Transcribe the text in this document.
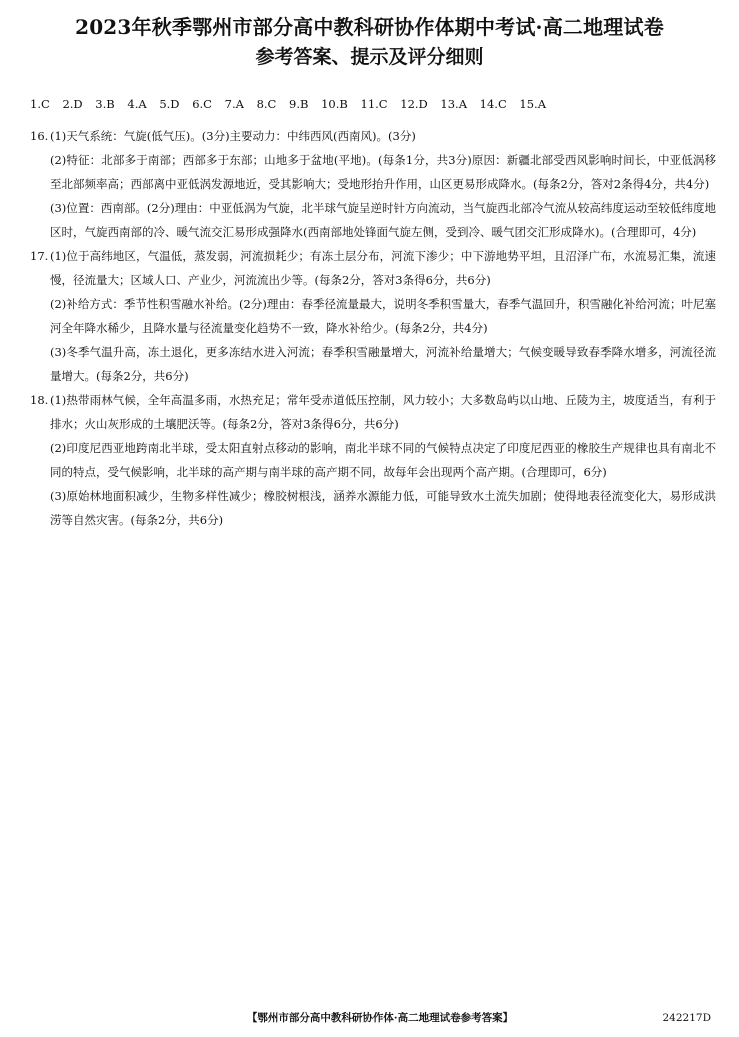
2023年秋季鄂州市部分高中教科研协作体期中考试·高二地理试卷
参考答案、提示及评分细则
1.C 2.D 3.B 4.A 5.D 6.C 7.A 8.C 9.B 10.B 11.C 12.D 13.A 14.C 15.A
16. (1)天气系统：气旋(低气压)。(3分)主要动力：中纬西风(西南风)。(3分)

(2)特征：北部多于南部；西部多于东部；山地多于盆地(平地)。(每条1分，共3分)原因：新疆北部受西风影响时间长，中亚低涡移至北部频率高；西部离中亚低涡发源地近，受其影响大；受地形抬升作用，山区更易形成降水。(每条2分，答对2条得4分，共4分)

(3)位置：西南部。(2分)理由：中亚低涡为气旋，北半球气旋呈逆时针方向流动，当气旋西北部冷气流从较高纬度运动至较低纬度地区时，气旋西南部的冷、暖气流交汇易形成强降水(西南部地处锋面气旋左侧，受到冷、暖气团交汇形成降水)。(合理即可，4分)

17. (1)位于高纬地区，气温低，蒸发弱，河流损耗少；有冻土层分布，河流下渗少；中下游地势平坦，且沼泽广布，水流易汇集，流速慢，径流量大；区域人口、产业少，河流流出少等。(每条2分，答对3条得6分，共6分)

(2)补给方式：季节性积雪融水补给。(2分)理由：春季径流量最大，说明冬季积雪量大，春季气温回升，积雪融化补给河流；叶尼塞河全年降水稀少，且降水量与径流量变化趋势不一致，降水补给少。(每条2分，共4分)

(3)冬季气温升高，冻土退化，更多冻结水进入河流；春季积雪融量增大，河流补给量增大；气候变暖导致春季降水增多，河流径流量增大。(每条2分，共6分)

18. (1)热带雨林气候，全年高温多雨，水热充足；常年受赤道低压控制，风力较小；大多数岛屿以山地、丘陵为主，坡度适当，有利于排水；火山灰形成的土壤肥沃等。(每条2分，答对3条得6分，共6分)

(2)印度尼西亚地跨南北半球，受太阳直射点移动的影响，南北半球不同的气候特点决定了印度尼西亚的橡胶生产规律也具有南北不同的特点，受气候影响，北半球的高产期与南半球的高产期不同，故每年会出现两个高产期。(合理即可，6分)

(3)原始林地面积减少，生物多样性减少；橡胶树根浅，涵养水源能力低，可能导致水土流失加剧；使得地表径流变化大，易形成洪涝等自然灾害。(每条2分，共6分)

【鄂州市部分高中教科研协作体·高二地理试卷参考答案】	242217D
